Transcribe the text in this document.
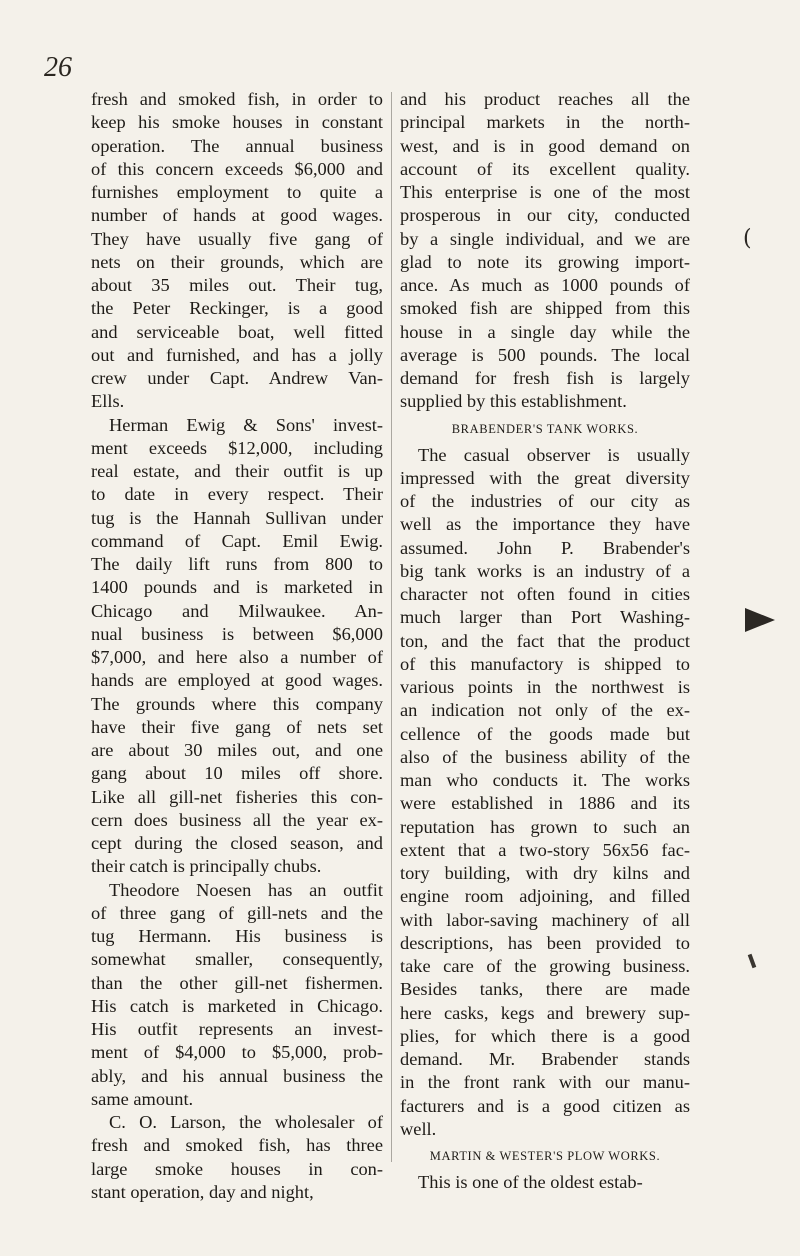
26
fresh and smoked fish, in order to
keep his smoke houses in constant
operation. The annual business
of this concern exceeds $6,000 and
furnishes employment to quite a
number of hands at good wages.
They have usually five gang of
nets on their grounds, which are
about 35 miles out. Their tug,
the Peter Reckinger, is a good
and serviceable boat, well fitted
out and furnished, and has a jolly
crew under Capt. Andrew Van-
Ells.
Herman Ewig & Sons' invest-
ment exceeds $12,000, including
real estate, and their outfit is up
to date in every respect. Their
tug is the Hannah Sullivan under
command of Capt. Emil Ewig.
The daily lift runs from 800 to
1400 pounds and is marketed in
Chicago and Milwaukee. An-
nual business is between $6,000
$7,000, and here also a number of
hands are employed at good wages.
The grounds where this company
have their five gang of nets set
are about 30 miles out, and one
gang about 10 miles off shore.
Like all gill-net fisheries this con-
cern does business all the year ex-
cept during the closed season, and
their catch is principally chubs.
Theodore Noesen has an outfit
of three gang of gill-nets and the
tug Hermann. His business is
somewhat smaller, consequently,
than the other gill-net fishermen.
His catch is marketed in Chicago.
His outfit represents an invest-
ment of $4,000 to $5,000, prob-
ably, and his annual business the
same amount.
C. O. Larson, the wholesaler of
fresh and smoked fish, has three
large smoke houses in con-
stant operation, day and night,
and his product reaches all the
principal markets in the north-
west, and is in good demand on
account of its excellent quality.
This enterprise is one of the most
prosperous in our city, conducted
by a single individual, and we are
glad to note its growing import-
ance. As much as 1000 pounds of
smoked fish are shipped from this
house in a single day while the
average is 500 pounds. The local
demand for fresh fish is largely
supplied by this establishment.
BRABENDER'S TANK WORKS.
The casual observer is usually
impressed with the great diversity
of the industries of our city as
well as the importance they have
assumed. John P. Brabender's
big tank works is an industry of a
character not often found in cities
much larger than Port Washing-
ton, and the fact that the product
of this manufactory is shipped to
various points in the northwest is
an indication not only of the ex-
cellence of the goods made but
also of the business ability of the
man who conducts it. The works
were established in 1886 and its
reputation has grown to such an
extent that a two-story 56x56 fac-
tory building, with dry kilns and
engine room adjoining, and filled
with labor-saving machinery of all
descriptions, has been provided to
take care of the growing business.
Besides tanks, there are made
here casks, kegs and brewery sup-
plies, for which there is a good
demand. Mr. Brabender stands
in the front rank with our manu-
facturers and is a good citizen as
well.
MARTIN & WESTER'S PLOW WORKS.
This is one of the oldest estab-
(
